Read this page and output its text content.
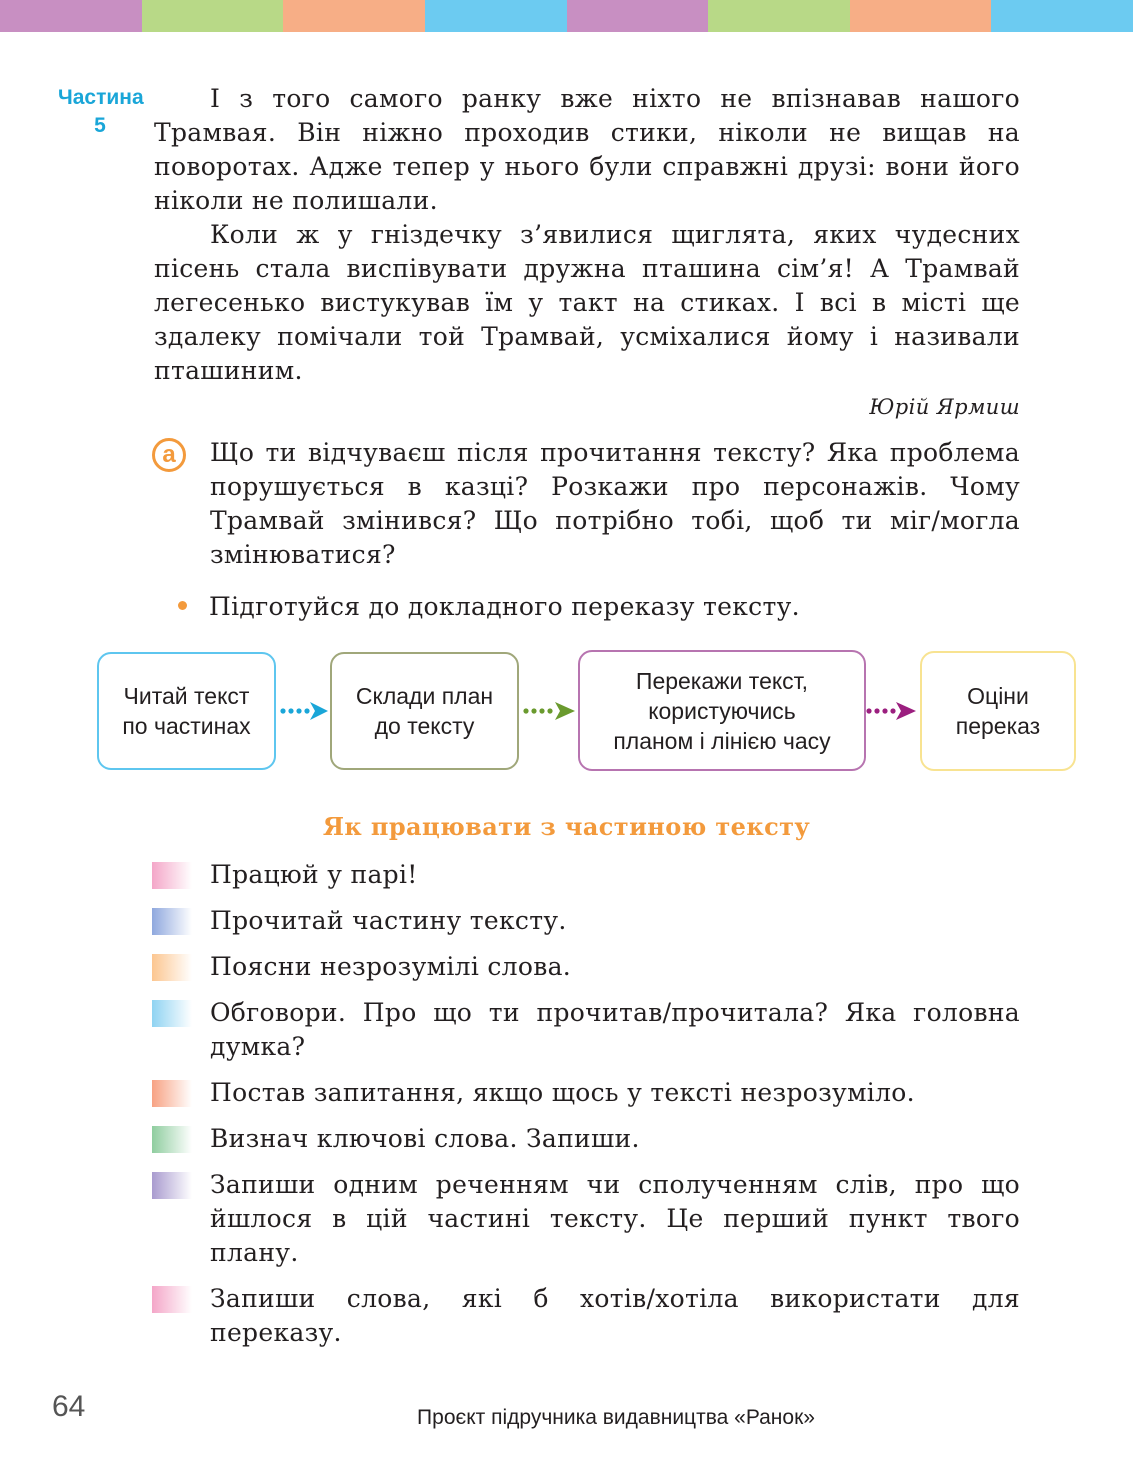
Частина
5

І з того самого ранку вже ніхто не впізнавав нашого Трамвая. Він ніжно проходив стики, ніколи не вищав на поворотах. Адже тепер у нього були справжні друзі: вони його ніколи не полишали.

Коли ж у гніздечку з’явилися щиглята, яких чудесних пісень стала виспівувати дружна пташина сім’я! А Трамвай легесенько вистукував їм у такт на стиках. І всі в місті ще здалеку помічали той Трамвай, усміхалися йому і називали пташиним.

Юрій Ярмиш
а	Що ти відчуваєш після прочитання тексту? Яка проблема порушується в казці? Розкажи про персонажів. Чому Трамвай змінився? Що потрібно тобі, щоб ти міг/могла змінюватися?
Підготуйся до докладного переказу тексту.
Читай текст
по частинах
Склади план
до тексту
Перекажи текст,
користуючись
планом і лінією часу
Оціни
переказ
Як працювати з частиною тексту
Працюй у парі!
Прочитай частину тексту.
Поясни незрозумілі слова.
Обговори. Про що ти прочитав/прочитала? Яка головна думка?
Постав запитання, якщо щось у тексті незрозуміло.
Визнач ключові слова. Запиши.
Запиши одним реченням чи сполученням слів, про що йшлося в цій частині тексту. Це перший пункт твого плану.
Запиши слова, які б хотів/хотіла використати для переказу.
64	Проєкт підручника видавництва «Ранок»
